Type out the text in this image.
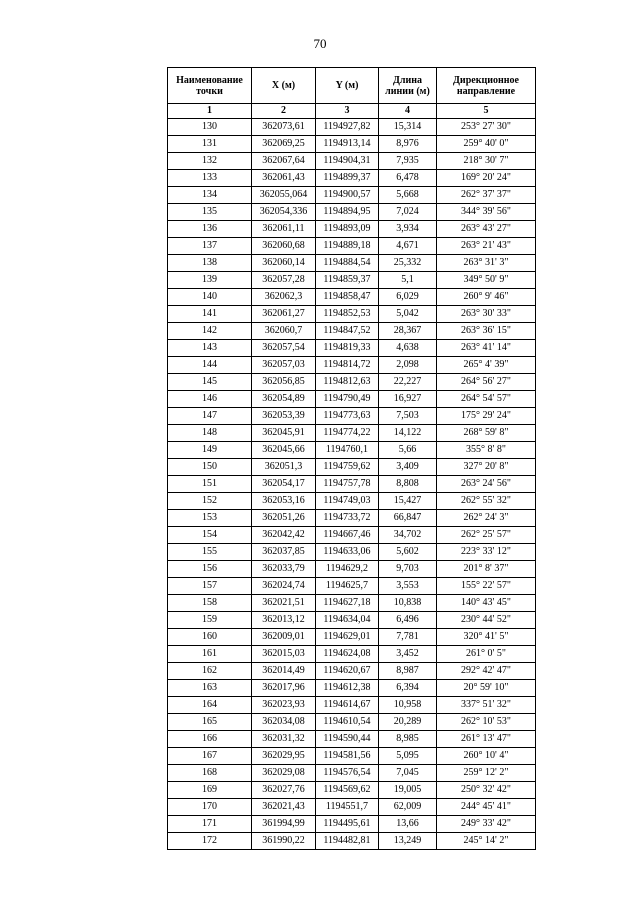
70
Наименование точки	X (м)	Y (м)	Длина линии (м)	Дирекционное направление
1	2	3	4	5
130	362073,61	1194927,82	15,314	253° 27' 30"
131	362069,25	1194913,14	8,976	259° 40' 0"
132	362067,64	1194904,31	7,935	218° 30' 7"
133	362061,43	1194899,37	6,478	169° 20' 24"
134	362055,064	1194900,57	5,668	262° 37' 37"
135	362054,336	1194894,95	7,024	344° 39' 56"
136	362061,11	1194893,09	3,934	263° 43' 27"
137	362060,68	1194889,18	4,671	263° 21' 43"
138	362060,14	1194884,54	25,332	263° 31' 3"
139	362057,28	1194859,37	5,1	349° 50' 9"
140	362062,3	1194858,47	6,029	260° 9' 46"
141	362061,27	1194852,53	5,042	263° 30' 33"
142	362060,7	1194847,52	28,367	263° 36' 15"
143	362057,54	1194819,33	4,638	263° 41' 14"
144	362057,03	1194814,72	2,098	265° 4' 39"
145	362056,85	1194812,63	22,227	264° 56' 27"
146	362054,89	1194790,49	16,927	264° 54' 57"
147	362053,39	1194773,63	7,503	175° 29' 24"
148	362045,91	1194774,22	14,122	268° 59' 8"
149	362045,66	1194760,1	5,66	355° 8' 8"
150	362051,3	1194759,62	3,409	327° 20' 8"
151	362054,17	1194757,78	8,808	263° 24' 56"
152	362053,16	1194749,03	15,427	262° 55' 32"
153	362051,26	1194733,72	66,847	262° 24' 3"
154	362042,42	1194667,46	34,702	262° 25' 57"
155	362037,85	1194633,06	5,602	223° 33' 12"
156	362033,79	1194629,2	9,703	201° 8' 37"
157	362024,74	1194625,7	3,553	155° 22' 57"
158	362021,51	1194627,18	10,838	140° 43' 45"
159	362013,12	1194634,04	6,496	230° 44' 52"
160	362009,01	1194629,01	7,781	320° 41' 5"
161	362015,03	1194624,08	3,452	261° 0' 5"
162	362014,49	1194620,67	8,987	292° 42' 47"
163	362017,96	1194612,38	6,394	20° 59' 10"
164	362023,93	1194614,67	10,958	337° 51' 32"
165	362034,08	1194610,54	20,289	262° 10' 53"
166	362031,32	1194590,44	8,985	261° 13' 47"
167	362029,95	1194581,56	5,095	260° 10' 4"
168	362029,08	1194576,54	7,045	259° 12' 2"
169	362027,76	1194569,62	19,005	250° 32' 42"
170	362021,43	1194551,7	62,009	244° 45' 41"
171	361994,99	1194495,61	13,66	249° 33' 42"
172	361990,22	1194482,81	13,249	245° 14' 2"
